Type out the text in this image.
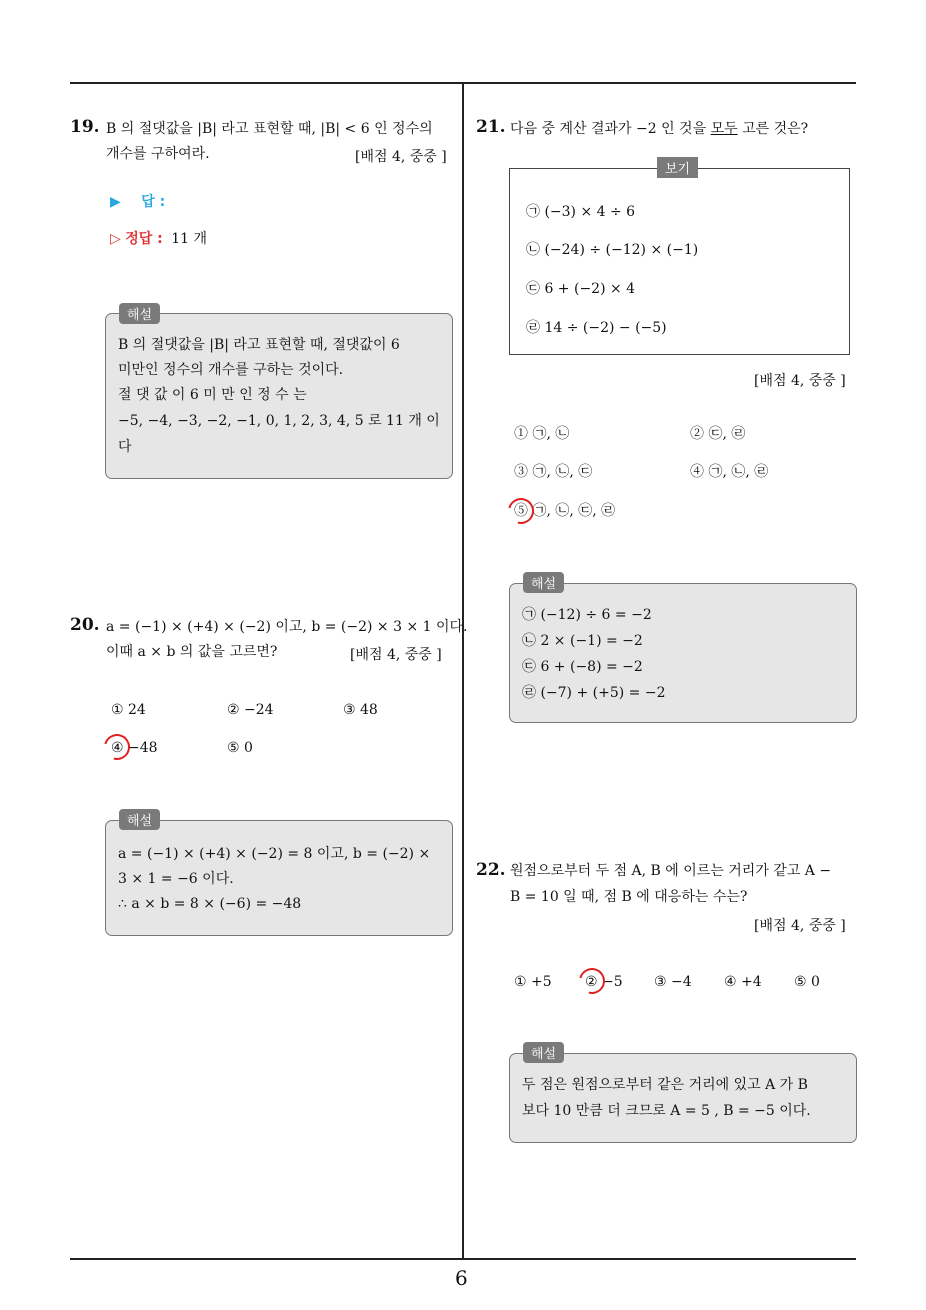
6
19. B 의 절댓값을 |B| 라고 표현할 때, |B| < 6 인 정수의
개수를 구하여라.	[배점 4, 중중 ]
▶ 답 :
▷ 정답 : 11 개
해설
B 의 절댓값을 |B| 라고 표현할 때, 절댓값이 6
미만인 정수의 개수를 구하는 것이다.
절 댓 값 이 6 미 만 인 정 수 는
−5, −4, −3, −2, −1, 0, 1, 2, 3, 4, 5 로 11 개 이
다
20. a = (−1) × (+4) × (−2) 이고, b = (−2) × 3 × 1 이다.
이때 a × b 의 값을 고르면?	[배점 4, 중중 ]
① 24	② −24	③ 48
④ −48	⑤ 0
해설
a = (−1) × (+4) × (−2) = 8 이고, b = (−2) ×
3 × 1 = −6 이다.
∴ a × b = 8 × (−6) = −48
21. 다음 중 계산 결과가 −2 인 것을 모두 고른 것은?
보기
㉠ (−3) × 4 ÷ 6
㉡ (−24) ÷ (−12) × (−1)
㉢ 6 + (−2) × 4
㉣ 14 ÷ (−2) − (−5)
[배점 4, 중중 ]
① ㉠, ㉡	② ㉢, ㉣
③ ㉠, ㉡, ㉢	④ ㉠, ㉡, ㉣
⑤ ㉠, ㉡, ㉢, ㉣
해설
㉠ (−12) ÷ 6 = −2
㉡ 2 × (−1) = −2
㉢ 6 + (−8) = −2
㉣ (−7) + (+5) = −2
22. 원점으로부터 두 점 A, B 에 이르는 거리가 같고 A −
B = 10 일 때, 점 B 에 대응하는 수는?
[배점 4, 중중 ]
① +5 ② −5 ③ −4 ④ +4 ⑤ 0
해설
두 점은 원점으로부터 같은 거리에 있고 A 가 B
보다 10 만큼 더 크므로 A = 5 , B = −5 이다.
